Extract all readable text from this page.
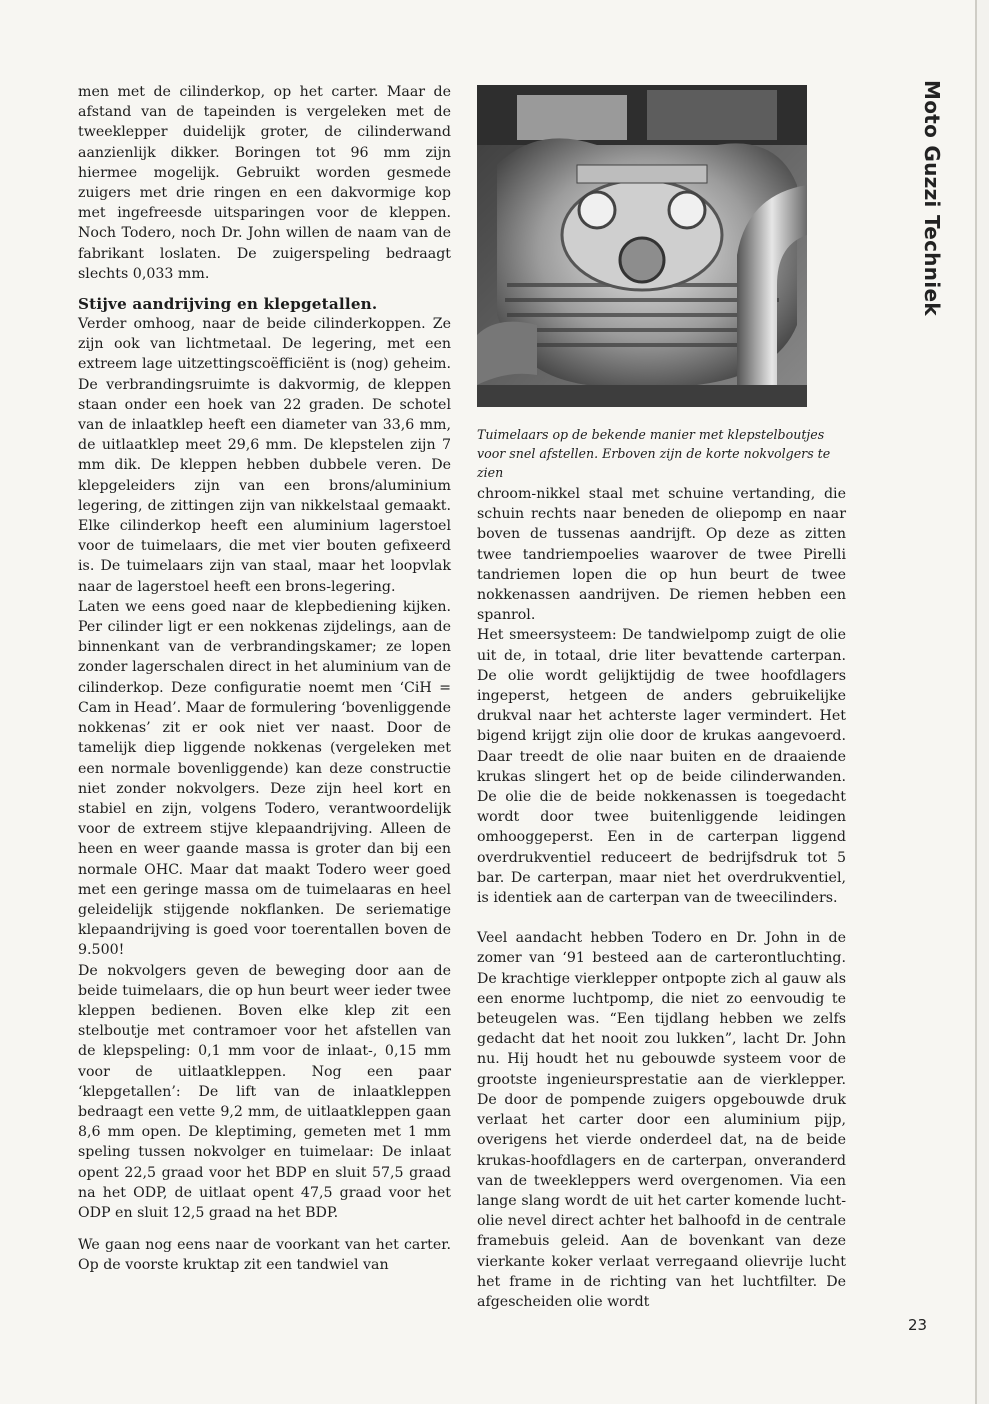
men met de cilinderkop, op het carter. Maar de afstand van de tapeinden is vergeleken met de tweeklepper duidelijk groter, de cilinderwand aanzienlijk dikker. Boringen tot 96 mm zijn hiermee mogelijk. Gebruikt worden gesmede zuigers met drie ringen en een dakvormige kop met ingefreesde uitsparingen voor de kleppen. Noch Todero, noch Dr. John willen de naam van de fabrikant loslaten. De zuigerspeling bedraagt slechts 0,033 mm.

Stijve aandrijving en klepgetallen.

Verder omhoog, naar de beide cilinderkoppen. Ze zijn ook van lichtmetaal. De legering, met een extreem lage uitzettingscoëfficiënt is (nog) geheim. De verbrandingsruimte is dakvormig, de kleppen staan onder een hoek van 22 graden. De schotel van de inlaatklep heeft een diameter van 33,6 mm, de uitlaatklep meet 29,6 mm. De klepstelen zijn 7 mm dik. De kleppen hebben dubbele veren. De klepgeleiders zijn van een brons/aluminium legering, de zittingen zijn van nikkelstaal gemaakt. Elke cilinderkop heeft een aluminium lagerstoel voor de tuimelaars, die met vier bouten gefixeerd is. De tuimelaars zijn van staal, maar het loopvlak naar de lagerstoel heeft een brons-legering.

Laten we eens goed naar de klepbediening kijken. Per cilinder ligt er een nokkenas zijdelings, aan de binnenkant van de verbrandingskamer; ze lopen zonder lagerschalen direct in het aluminium van de cilinderkop. Deze configuratie noemt men ‘CiH = Cam in Head’. Maar de formulering ‘bovenliggende nokkenas’ zit er ook niet ver naast. Door de tamelijk diep liggende nokkenas (vergeleken met een normale bovenliggende) kan deze constructie niet zonder nokvolgers. Deze zijn heel kort en stabiel en zijn, volgens Todero, verantwoordelijk voor de extreem stijve klepaandrijving. Alleen de heen en weer gaande massa is groter dan bij een normale OHC. Maar dat maakt Todero weer goed met een geringe massa om de tuimelaaras en heel geleidelijk stijgende nokflanken. De seriematige klepaandrijving is goed voor toerentallen boven de 9.500!

De nokvolgers geven de beweging door aan de beide tuimelaars, die op hun beurt weer ieder twee kleppen bedienen. Boven elke klep zit een stelboutje met contramoer voor het afstellen van de klepspeling: 0,1 mm voor de inlaat-, 0,15 mm voor de uitlaatkleppen. Nog een paar ‘klepgetallen’: De lift van de inlaatkleppen bedraagt een vette 9,2 mm, de uitlaatkleppen gaan 8,6 mm open. De kleptiming, gemeten met 1 mm speling tussen nokvolger en tuimelaar: De inlaat opent 22,5 graad voor het BDP en sluit 57,5 graad na het ODP, de uitlaat opent 47,5 graad voor het ODP en sluit 12,5 graad na het BDP.

We gaan nog eens naar de voorkant van het carter. Op de voorste kruktap zit een tandwiel van

Tuimelaars op de bekende manier met klepstelboutjes voor snel afstellen. Erboven zijn de korte nokvolgers te zien

chroom-nikkel staal met schuine vertanding, die schuin rechts naar beneden de oliepomp en naar boven de tussenas aandrijft. Op deze as zitten twee tandriempoelies waarover de twee Pirelli tandriemen lopen die op hun beurt de twee nokkenassen aandrijven. De riemen hebben een spanrol.

Het smeersysteem: De tandwielpomp zuigt de olie uit de, in totaal, drie liter bevattende carterpan. De olie wordt gelijktijdig de twee hoofdlagers ingeperst, hetgeen de anders gebruikelijke drukval naar het achterste lager vermindert. Het bigend krijgt zijn olie door de krukas aangevoerd. Daar treedt de olie naar buiten en de draaiende krukas slingert het op de beide cilinderwanden. De olie die de beide nokkenassen is toegedacht wordt door twee buitenliggende leidingen omhooggeperst. Een in de carterpan liggend overdrukventiel reduceert de bedrijfsdruk tot 5 bar. De carterpan, maar niet het overdrukventiel, is identiek aan de carterpan van de tweecilinders.

Veel aandacht hebben Todero en Dr. John in de zomer van ‘91 besteed aan de carterontluchting. De krachtige vierklepper ontpopte zich al gauw als een enorme luchtpomp, die niet zo eenvoudig te beteugelen was. “Een tijdlang hebben we zelfs gedacht dat het nooit zou lukken”, lacht Dr. John nu. Hij houdt het nu gebouwde systeem voor de grootste ingenieursprestatie aan de vierklepper. De door de pompende zuigers opgebouwde druk verlaat het carter door een aluminium pijp, overigens het vierde onderdeel dat, na de beide krukas-hoofdlagers en de carterpan, onveranderd van de tweekleppers werd overgenomen. Via een lange slang wordt de uit het carter komende lucht-olie nevel direct achter het balhoofd in de centrale framebuis geleid. Aan de bovenkant van deze vierkante koker verlaat verregaand olievrije lucht het frame in de richting van het luchtfilter. De afgescheiden olie wordt

Moto Guzzi Techniek
23
